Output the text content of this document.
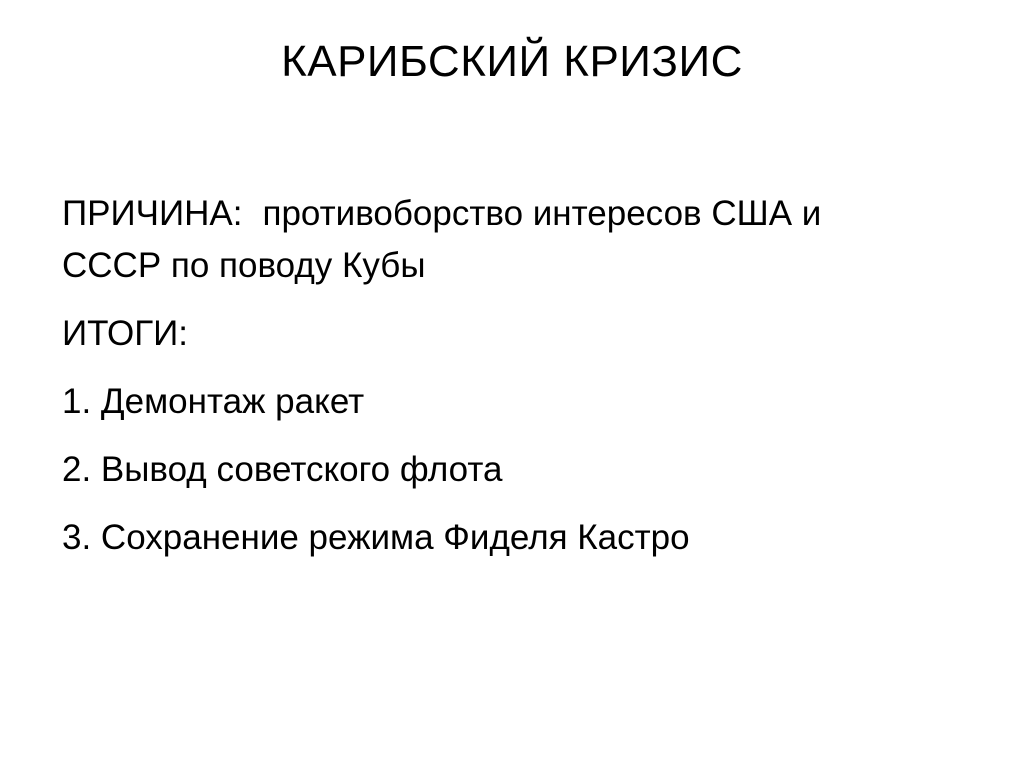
КАРИБСКИЙ КРИЗИС

ПРИЧИНА: противоборство интересов США и
СССР по поводу Кубы

ИТОГИ:

1. Демонтаж ракет

2. Вывод советского флота

3. Сохранение режима Фиделя Кастро
